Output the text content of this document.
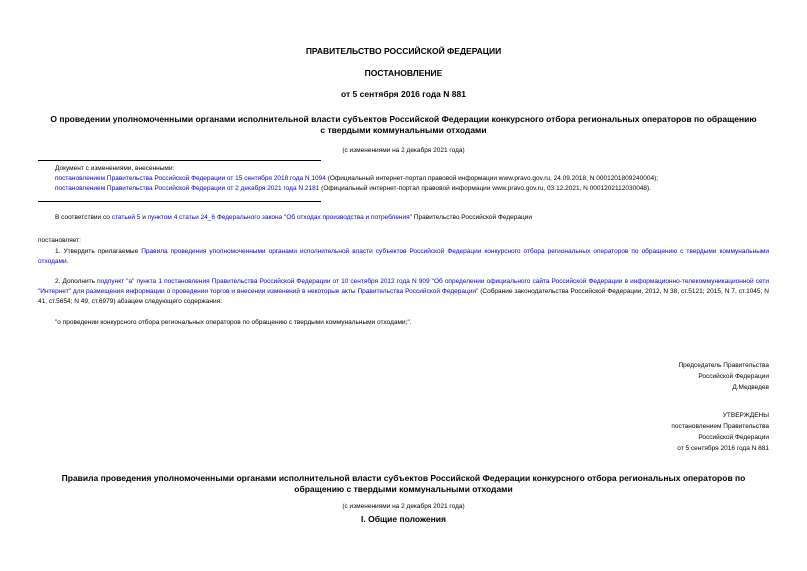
ПРАВИТЕЛЬСТВО РОССИЙСКОЙ ФЕДЕРАЦИИ
ПОСТАНОВЛЕНИЕ
от 5 сентября 2016 года N 881
О проведении уполномоченными органами исполнительной власти субъектов Российской Федерации конкурсного отбора региональных операторов по обращению с твердыми коммунальными отходами
(с изменениями на 2 декабря 2021 года)
Документ с изменениями, внесенными:
постановлением Правительства Российской Федерации от 15 сентября 2018 года N 1094 (Официальный интернет-портал правовой информации www.pravo.gov.ru, 24.09.2018, N 0001201809240004);
постановлением Правительства Российской Федерации от 2 декабря 2021 года N 2181 (Официальный интернет-портал правовой информации www.pravo.gov.ru, 03.12.2021, N 0001202112030048).
В соответствии со статьей 5 и пунктом 4 статьи 24_6 Федерального закона "Об отходах производства и потребления" Правительство Российской Федерации
постановляет:
1. Утвердить прилагаемые Правила проведения уполномоченными органами исполнительной власти субъектов Российской Федерации конкурсного отбора региональных операторов по обращению с твердыми коммунальными отходами.
2. Дополнить подпункт "а" пункта 1 постановления Правительства Российской Федерации от 10 сентября 2012 года N 909 "Об определении официального сайта Российской Федерации в информационно-телекоммуникационной сети "Интернет" для размещения информации о проведении торгов и внесении изменений в некоторые акты Правительства Российской Федерации" (Собрание законодательства Российской Федерации, 2012, N 38, ст.5121; 2015, N 7, ст.1045; N 41, ст.5654; N 49, ст.6979) абзацем следующего содержания:
"о проведении конкурсного отбора региональных операторов по обращению с твердыми коммунальными отходами;".
Председатель Правительства
Российской Федерации
Д.Медведев
УТВЕРЖДЕНЫ
постановлением Правительства
Российской Федерации
от 5 сентября 2016 года N 881
Правила проведения уполномоченными органами исполнительной власти субъектов Российской Федерации конкурсного отбора региональных операторов по обращению с твердыми коммунальными отходами
(с изменениями на 2 декабря 2021 года)
I. Общие положения
